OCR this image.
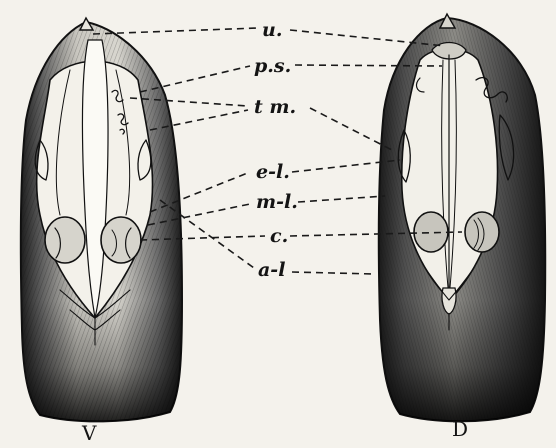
u.
p.s.
t m.
e-l.
m-l.
c.
a-l
V	D
